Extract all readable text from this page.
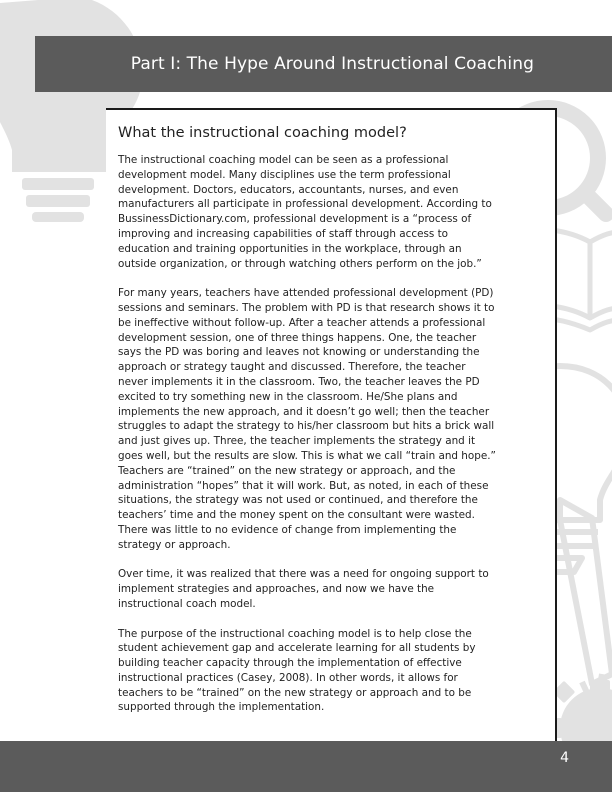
Part I: The Hype Around Instructional Coaching
What the instructional coaching model?

The instructional coaching model can be seen as a professional development model. Many disciplines use the term professional development. Doctors, educators, accountants, nurses, and even manufacturers all participate in professional development. According to BussinessDictionary.com, professional development is a “process of improving and increasing capabilities of staff through access to education and training opportunities in the workplace, through an outside organization, or through watching others perform on the job.”

For many years, teachers have attended professional development (PD) sessions and seminars. The problem with PD is that research shows it to be ineffective without follow-up. After a teacher attends a professional development session, one of three things happens. One, the teacher says the PD was boring and leaves not knowing or understanding the approach or strategy taught and discussed. Therefore, the teacher never implements it in the classroom. Two, the teacher leaves the PD excited to try something new in the classroom. He/She plans and implements the new approach, and it doesn’t go well; then the teacher struggles to adapt the strategy to his/her classroom but hits a brick wall and just gives up. Three, the teacher implements the strategy and it goes well, but the results are slow. This is what we call “train and hope.” Teachers are “trained” on the new strategy or approach, and the administration “hopes” that it will work. But, as noted, in each of these situations, the strategy was not used or continued, and therefore the teachers’ time and the money spent on the consultant were wasted. There was little to no evidence of change from implementing the strategy or approach.

Over time, it was realized that there was a need for ongoing support to implement strategies and approaches, and now we have the instructional coach model.

The purpose of the instructional coaching model is to help close the student achievement gap and accelerate learning for all students by building teacher capacity through the implementation of effective instructional practices (Casey, 2008). In other words, it allows for teachers to be “trained” on the new strategy or approach and to be supported through the implementation.

4
